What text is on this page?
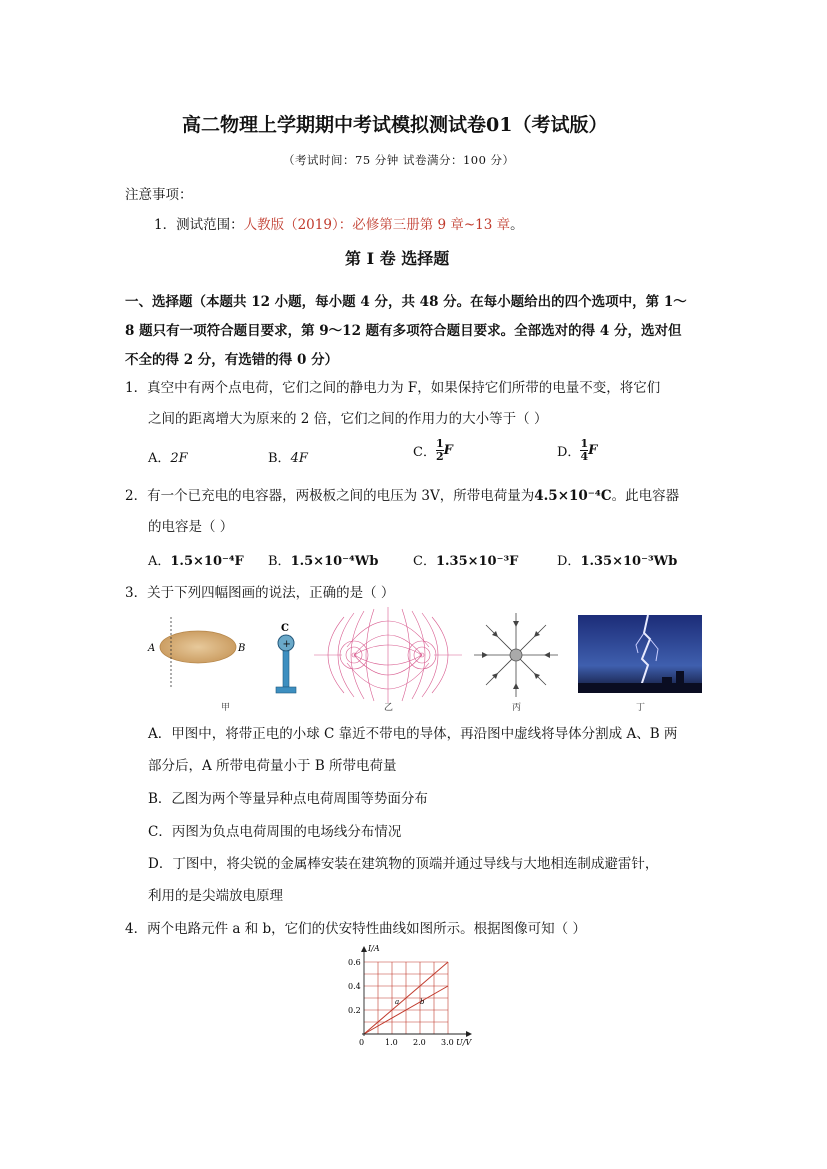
高二物理上学期期中考试模拟测试卷01（考试版）
（考试时间：75 分钟 试卷满分：100 分）
注意事项：
1．测试范围：人教版（2019）：必修第三册第 9 章~13 章。
第 I 卷 选择题
一、选择题（本题共 12 小题，每小题 4 分，共 48 分。在每小题给出的四个选项中，第 1～
8 题只有一项符合题目要求，第 9～12 题有多项符合题目要求。全部选对的得 4 分，选对但
不全的得 2 分，有选错的得 0 分）
1．真空中有两个点电荷，它们之间的静电力为 F，如果保持它们所带的电量不变，将它们
之间的距离增大为原来的 2 倍，它们之间的作用力的大小等于（ ）
A．2F	B．4F	C． $\frac{1}{2}$ F	D． $\frac{1}{4}$ F
2．有一个已充电的电容器，两极板之间的电压为 3V，所带电荷量为4.5×10⁻⁴C。此电容器
的电容是（ ）
A．1.5×10⁻⁴F B．1.5×10⁻⁴Wb	C．1.35×10⁻³F	D．1.35×10⁻³Wb
3．关于下列四幅图画的说法，正确的是（ ）
A	B
C
+
甲	乙	丙	丁
A．甲图中，将带正电的小球 C 靠近不带电的导体，再沿图中虚线将导体分割成 A、B 两
部分后，A 所带电荷量小于 B 所带电荷量
B．乙图为两个等量异种点电荷周围等势面分布
C．丙图为负点电荷周围的电场线分布情况
D．丁图中，将尖锐的金属棒安装在建筑物的顶端并通过导线与大地相连制成避雷针，
利用的是尖端放电原理
4．两个电路元件 a 和 b，它们的伏安特性曲线如图所示。根据图像可知（ ）
I/A
U/V
0.6
0.4
0.2
0	1.0 2.0 3.0
a	b
